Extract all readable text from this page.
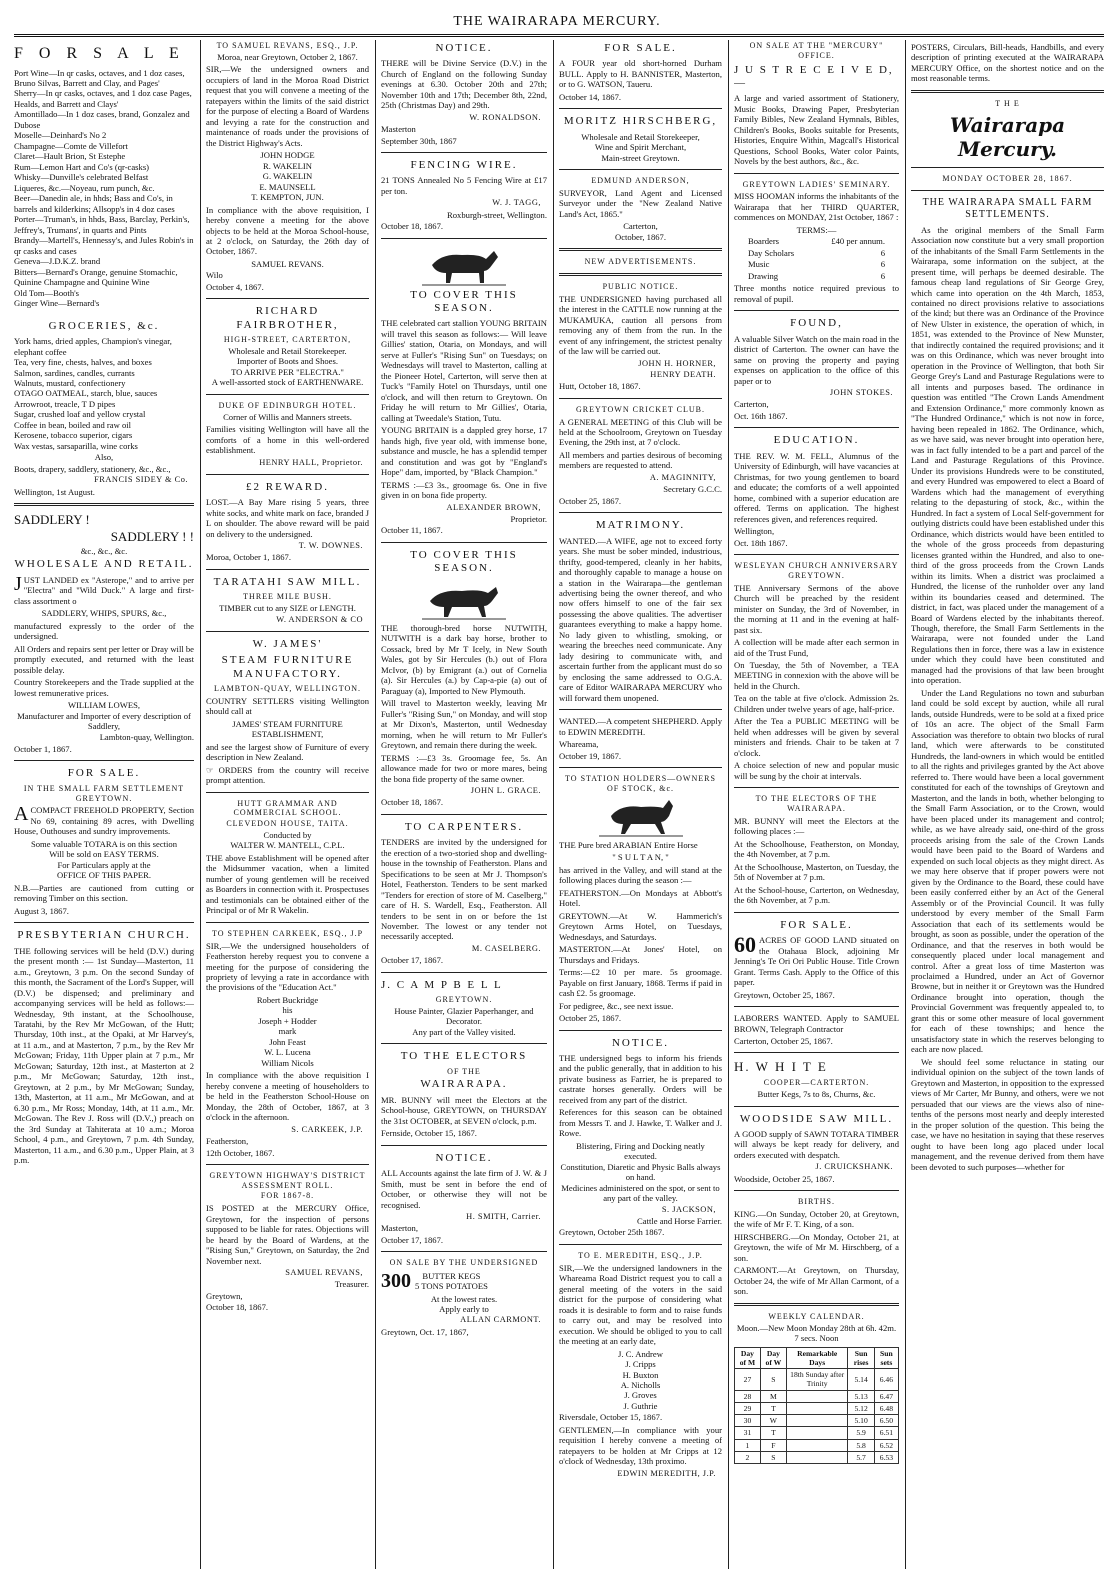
THE WAIRARAPA MERCURY.
F O R S A L E
Port Wine—In qr casks, octaves, and 1 doz cases, Bruno Silvas, Barrett and Clay, and Pages'
Sherry—In qr casks, octaves, and 1 doz case Pages, Healds, and Barrett and Clays'
Amontillado—In 1 doz cases, brand, Gonzalez and Dubose
Moselle—Deinhard's No 2
Champagne—Comte de Villefort
Claret—Hault Brion, St Estephe
Rum—Lemon Hart and Co's (qr-casks)
Whisky—Dunville's celebrated Belfast
Liqueres, &c.—Noyeau, rum punch, &c.
Beer—Danedin ale, in hhds; Bass and Co's, in barrels and kilderkins; Allsopp's in 4 doz cases
Porter—Truman's, in hhds, Bass, Barclay, Perkin's, Jeffrey's, Trumans', in quarts and Pints
Brandy—Martell's, Hennessy's, and Jules Robin's in qr casks and cases
Geneva—J.D.K.Z. brand
Bitters—Bernard's Orange, genuine Stomachic, Quinine Champagne and Quinine Wine
Old Tom—Booth's
Ginger Wine—Bernard's
GROCERIES, &c.
York hams, dried apples, Champion's vinegar, elephant coffee
Tea, very fine, chests, halves, and boxes
Salmon, sardines, candles, currants
Walnuts, mustard, confectionery
OTAGO OATMEAL, starch, blue, sauces
Arrowroot, treacle, T D pipes
Sugar, crushed loaf and yellow crystal
Coffee in bean, boiled and raw oil
Kerosene, tobacco superior, cigars
Wax vestas, sarsaparilla, wine corks
Also,
Boots, drapery, saddlery, stationery, &c., &c.,
FRANCIS SIDEY & Co.
Wellington, 1st August.
SADDLERY !
SADDLERY ! !
&c., &c., &c.
WHOLESALE AND RETAIL.
JUST LANDED ex "Asterope," and to arrive per "Electra" and "Wild Duck." A large and first-class assortment o
SADDLERY, WHIPS, SPURS, &c.,
manufactured expressly to the order of the undersigned.
All Orders and repairs sent per letter or Dray will be promptly executed, and returned with the least possible delay.
Country Storekeepers and the Trade supplied at the lowest remunerative prices.
WILLIAM LOWES,
Manufacturer and Importer of every description of Saddlery,
Lambton-quay, Wellington.
October 1, 1867.
FOR SALE.
IN THE SMALL FARM SETTLEMENT GREYTOWN.
ACOMPACT FREEHOLD PROPERTY, Section No 69, containing 89 acres, with Dwelling House, Outhouses and sundry improvements.
Some valuable TOTARA is on this section
Will be sold on EASY TERMS.
For Particulars apply at the
OFFICE OF THIS PAPER.
N.B.—Parties are cautioned from cutting or removing Timber on this section.
August 3, 1867.
PRESBYTERIAN CHURCH.
THE following services will be held (D.V.) during the present month :— 1st Sunday—Masterton, 11 a.m., Greytown, 3 p.m. On the second Sunday of this month, the Sacrament of the Lord's Supper, will (D.V.) be dispensed; and preliminary and accompanying services will be held as follows:—Wednesday, 9th instant, at the Schoolhouse, Taratahi, by the Rev Mr McGowan, of the Hutt; Thursday, 10th inst., at the Opaki, at Mr Harvey's, at 11 a.m., and at Masterton, 7 p.m., by the Rev Mr McGowan; Friday, 11th Upper plain at 7 p.m., Mr McGowan; Saturday, 12th inst., at Masterton at 2 p.m., Mr McGowan; Saturday, 12th inst., Greytown, at 2 p.m., by Mr McGowan; Sunday, 13th, Masterton, at 11 a.m., Mr McGowan, and at 6.30 p.m., Mr Ross; Monday, 14th, at 11 a.m., Mr. McGowan. The Rev J. Ross will (D.V.,) preach on the 3rd Sunday at Tahiterata at 10 a.m.; Moroa School, 4 p.m., and Greytown, 7 p.m. 4th Sunday, Masterton, 11 a.m., and 6.30 p.m., Upper Plain, at 3 p.m.
TO SAMUEL REVANS, ESQ., J.P.
Moroa, near Greytown, October 2, 1867.
SIR,—We the undersigned owners and occupiers of land in the Moroa Road District request that you will convene a meeting of the ratepayers within the limits of the said district for the purpose of electing a Board of Wardens and levying a rate for the construction and maintenance of roads under the provisions of the District Highway's Acts.
JOHN HODGE
R. WAKELIN
G. WAKELIN
E. MAUNSELL
T. KEMPTON, JUN.
In compliance with the above requisition, I hereby convene a meeting for the above objects to be held at the Moroa School-house, at 2 o'clock, on Saturday, the 26th day of October, 1867.
SAMUEL REVANS.
Wilo
October 4, 1867.
RICHARD FAIRBROTHER,
HIGH-STREET, CARTERTON,
Wholesale and Retail Storekeeper.
Importer of Boots and Shoes.
TO ARRIVE PER "ELECTRA."
A well-assorted stock of EARTHENWARE.
DUKE OF EDINBURGH HOTEL.
Corner of Willis and Manners streets.
Families visiting Wellington will have all the comforts of a home in this well-ordered establishment.
HENRY HALL, Proprietor.
£2 REWARD.
LOST.—A Bay Mare rising 5 years, three white socks, and white mark on face, branded J L on shoulder. The above reward will be paid on delivery to the undersigned.
T. W. DOWNES.
Moroa, October 1, 1867.
TARATAHI SAW MILL.
THREE MILE BUSH.
TIMBER cut to any SIZE or LENGTH.
W. ANDERSON & CO
W. JAMES'
STEAM FURNITURE MANUFACTORY.
LAMBTON-QUAY, WELLINGTON.
COUNTRY SETTLERS visiting Wellington should call at
JAMES' STEAM FURNITURE ESTABLISHMENT,
and see the largest show of Furniture of every description in New Zealand.
☞ ORDERS from the country will receive prompt attention.
HUTT GRAMMAR AND COMMERCIAL SCHOOL.
CLEVEDON HOUSE, TAITA.
Conducted by
WALTER W. MANTELL, C.P.L.
THE above Establishment will be opened after the Midsummer vacation, when a limited number of young gentlemen will be received as Boarders in connection with it. Prospectuses and testimonials can be obtained either of the Principal or of Mr R Wakelin.
TO STEPHEN CARKEEK, ESQ., J.P
SIR,—We the undersigned householders of Featherston hereby request you to convene a meeting for the purpose of considering the propriety of levying a rate in accordance with the provisions of the "Education Act."
Robert Buckridge
his
Joseph + Hodder
mark
John Feast
W. L. Lucena
William Nicols
In compliance with the above requisition I hereby convene a meeting of householders to be held in the Featherston School-House on Monday, the 28th of October, 1867, at 3 o'clock in the afternoon.
S. CARKEEK, J.P.
Featherston,
12th October, 1867.
GREYTOWN HIGHWAY'S DISTRICT ASSESSMENT ROLL.
FOR 1867-8.
IS POSTED at the MERCURY Office, Greytown, for the inspection of persons supposed to be liable for rates. Objections will be heard by the Board of Wardens, at the "Rising Sun," Greytown, on Saturday, the 2nd November next.
SAMUEL REVANS,
Treasurer.
Greytown,
October 18, 1867.
NOTICE.
THERE will be Divine Service (D.V.) in the Church of England on the following Sunday evenings at 6.30. October 20th and 27th; November 10th and 17th; December 8th, 22nd, 25th (Christmas Day) and 29th.
W. RONALDSON.
Masterton
September 30th, 1867
FENCING WIRE.
21 TONS Annealed No 5 Fencing Wire at £17 per ton.
W. J. TAGG,
Roxburgh-street, Wellington.
October 18, 1867.
TO COVER THIS SEASON.
THE celebrated cart stallion YOUNG BRITAIN will travel this season as follows:— Will leave Gillies' station, Otaria, on Mondays, and will serve at Fuller's "Rising Sun" on Tuesdays; on Wednesdays will travel to Masterton, calling at the Pioneer Hotel, Carterton, will serve then at Tuck's "Family Hotel on Thursdays, until one o'clock, and will then return to Greytown. On Friday he will return to Mr Gillies', Otaria, calling at Tweedale's Station, Tutu.
YOUNG BRITAIN is a dappled grey horse, 17 hands high, five year old, with immense bone, substance and muscle, he has a splendid temper and constitution and was got by "England's Hope" dam, imported, by "Black Champion."
TERMS :—£3 3s., groomage 6s. One in five given in on bona fide property.
ALEXANDER BROWN,
Proprietor.
October 11, 1867.
TO COVER THIS SEASON.
THE thorough-bred horse NUTWITH, NUTWITH is a dark bay horse, brother to Cossack, bred by Mr T Icely, in New South Wales, got by Sir Hercules (b.) out of Flora McIvor, (b) by Emigrant (a.) out of Cornelia (a). Sir Hercules (a.) by Cap-a-pie (a) out of Paraguay (a), Imported to New Plymouth.
Will travel to Masterton weekly, leaving Mr Fuller's "Rising Sun," on Monday, and will stop at Mr Dixon's, Masterton, until Wednesday morning, when he will return to Mr Fuller's Greytown, and remain there during the week.
TERMS :—£3 3s. Groomage fee, 5s. An allowance made for two or more mares, being the bona fide property of the same owner.
JOHN L. GRACE.
October 18, 1867.
TO CARPENTERS.
TENDERS are invited by the undersigned for the erection of a two-storied shop and dwelling-house in the township of Featherston. Plans and Specifications to be seen at Mr J. Thompson's Hotel, Featherston. Tenders to be sent marked "Tenders for erection of store of M. Caselberg," care of H. S. Wardell, Esq., Featherston. All tenders to be sent in on or before the 1st November. The lowest or any tender not necessarily accepted.
M. CASELBERG.
October 17, 1867.
J. C A M P B E L L
GREYTOWN.
House Painter, Glazier Paperhanger, and Decorator.
Any part of the Valley visited.
TO THE ELECTORS
OF THE
WAIRARAPA.
MR. BUNNY will meet the Electors at the School-house, GREYTOWN, on THURSDAY the 31st OCTOBER, at SEVEN o'clock, p.m.
Fernside, October 15, 1867.
NOTICE.
ALL Accounts against the late firm of J. W. & J Smith, must be sent in before the end of October, or otherwise they will not be recognised.
H. SMITH, Carrier.
Masterton,
October 17, 1867.
ON SALE BY THE UNDERSIGNED
300	BUTTER KEGS
5 TONS POTATOES
At the lowest rates.
Apply early to
ALLAN CARMONT.
Greytown, Oct. 17, 1867,
FOR SALE.
A FOUR year old short-horned Durham BULL. Apply to H. BANNISTER, Masterton, or to G. WATSON, Taueru.
October 14, 1867.
MORITZ HIRSCHBERG,
Wholesale and Retail Storekeeper,
Wine and Spirit Merchant,
Main-street Greytown.
EDMUND ANDERSON,
SURVEYOR, Land Agent and Licensed Surveyor under the "New Zealand Native Land's Act, 1865."
Carterton,
October, 1867.
NEW ADVERTISEMENTS.
PUBLIC NOTICE.
THE UNDERSIGNED having purchased all the interest in the CATTLE now running at the MUKAMUKA, caution all persons from removing any of them from the run. In the event of any infringement, the strictest penalty of the law will be carried out.
JOHN H. HORNER,
HENRY DEATH.
Hutt, October 18, 1867.
GREYTOWN CRICKET CLUB.
A GENERAL MEETING of this Club will be held at the Schoolroom, Greytown on Tuesday Evening, the 29th inst, at 7 o'clock.
All members and parties desirous of becoming members are requested to attend.
A. MAGINNITY,
Secretary G.C.C.
October 25, 1867.
MATRIMONY.
WANTED.—A WIFE, age not to exceed forty years. She must be sober minded, industrious, thrifty, good-tempered, cleanly in her habits, and thoroughly capable to manage a house on a station in the Wairarapa—the gentleman advertising being the owner thereof, and who now offers himself to one of the fair sex possessing the above qualities. The advertiser guarantees everything to make a happy home. No lady given to whistling, smoking, or wearing the breeches need communicate. Any lady desiring to communicate with, and ascertain further from the applicant must do so by enclosing the same addressed to O.G.A. care of Editor WAIRARAPA MERCURY who will forward them unopened.
WANTED.—A competent SHEPHERD. Apply to EDWIN MEREDITH.
Whareama,
October 19, 1867.
TO STATION HOLDERS—OWNERS OF STOCK, &c.
THE Pure bred ARABIAN Entire Horse
" S U L T A N, "
has arrived in the Valley, and will stand at the following places during the season :—
FEATHERSTON.—On Mondays at Abbott's Hotel.
GREYTOWN.—At W. Hammerich's Greytown Arms Hotel, on Tuesdays, Wednesdays, and Saturdays.
MASTERTON.—At Jones' Hotel, on Thursdays and Fridays.
Terms:—£2 10 per mare. 5s groomage. Payable on first January, 1868. Terms if paid in cash £2. 5s groomage.
For pedigree, &c., see next issue.
October 25, 1867.
NOTICE.
THE undersigned begs to inform his friends and the public generally, that in addition to his private business as Farrier, he is prepared to castrate horses generally. Orders will be received from any part of the district.
References for this season can be obtained from Messrs T. and J. Hawke, T. Walker and J. Rowe.
Blistering, Firing and Docking neatly executed.
Constitution, Diaretic and Physic Balls always on hand.
Medicines administered on the spot, or sent to any part of the valley.
S. JACKSON,
Cattle and Horse Farrier.
Greytown, October 25th 1867.
TO E. MEREDITH, ESQ., J.P.
SIR,—We the undersigned landowners in the Whareama Road District request you to call a general meeting of the voters in the said district for the purpose of considering what roads it is desirable to form and to raise funds to carry out, and may be resolved into execution. We should be obliged to you to call the meeting at an early date,
J. C. Andrew
J. Cripps
H. Buxton
A. Nicholls
J. Groves
J. Guthrie
Riversdale, October 15, 1867.
GENTLEMEN,—In compliance with your requisition I hereby convene a meeting of ratepayers to be holden at Mr Cripps at 12 o'clock of Wednesday, 13th proximo.
EDWIN MEREDITH, J.P.
ON SALE AT THE "MERCURY" OFFICE.
J U S T R E C E I V E D,—
A large and varied assortment of Stationery, Music Books, Drawing Paper, Presbyterian Family Bibles, New Zealand Hymnals, Bibles, Children's Books, Books suitable for Presents, Histories, Enquire Within, Magcall's Historical Questions, School Books, Water color Paints, Novels by the best authors, &c., &c.
GREYTOWN LADIES' SEMINARY.
MISS HOOMAN informs the inhabitants of the Wairarapa that her THIRD QUARTER, commences on MONDAY, 21st October, 1867 :
TERMS:—
Boarders	£40 per annum.
Day Scholars	6
Music	6
Drawing	6
Three months notice required previous to removal of pupil.
FOUND,
A valuable Silver Watch on the main road in the district of Carterton. The owner can have the same on proving the property and paying expenses on application to the office of this paper or to
JOHN STOKES.
Carterton,
Oct. 16th 1867.
EDUCATION.
THE REV. W. M. FELL, Alumnus of the University of Edinburgh, will have vacancies at Christmas, for two young gentlemen to board and educate; the comforts of a well appointed home, combined with a superior education are offered. Terms on application. The highest references given, and references required.
Wellington,
Oct. 18th 1867.
WESLEYAN CHURCH ANNIVERSARY GREYTOWN.
THE Anniversary Sermons of the above Church will be preached by the resident minister on Sunday, the 3rd of November, in the morning at 11 and in the evening at half-past six.
A collection will be made after each sermon in aid of the Trust Fund,
On Tuesday, the 5th of November, a TEA MEETING in connexion with the above will be held in the Church.
Tea on the table at five o'clock. Admission 2s. Children under twelve years of age, half-price.
After the Tea a PUBLIC MEETING will be held when addresses will be given by several ministers and friends. Chair to be taken at 7 o'clock.
A choice selection of new and popular music will be sung by the choir at intervals.
TO THE ELECTORS OF THE WAIRARAPA.
MR. BUNNY will meet the Electors at the following places :—
At the Schoolhouse, Featherston, on Monday, the 4th November, at 7 p.m.
At the Schoolhouse, Masterton, on Tuesday, the 5th of November at 7 p.m.
At the School-house, Carterton, on Wednesday, the 6th November, at 7 p.m.
FOR SALE.
60 ACRES OF GOOD LAND situated on the Otahaua Block, adjoining Mr Jenning's Te Ori Ori Public House. Title Crown Grant. Terms Cash. Apply to the Office of this paper.
Greytown, October 25, 1867.
LABORERS WANTED. Apply to SAMUEL BROWN, Telegraph Contractor
Carterton, October 25, 1867.
H. W H I T E
COOPER—CARTERTON.
Butter Kegs, 7s to 8s, Churns, &c.
WOODSIDE SAW MILL.
A GOOD supply of SAWN TOTARA TIMBER will always be kept ready for delivery, and orders executed with despatch.
J. CRUICKSHANK.
Woodside, October 25, 1867.
BIRTHS.
KING.—On Sunday, October 20, at Greytown, the wife of Mr F. T. King, of a son.
HIRSCHBERG.—On Monday, October 21, at Greytown, the wife of Mr M. Hirschberg, of a son.
CARMONT.—At Greytown, on Thursday, October 24, the wife of Mr Allan Carmont, of a son.
WEEKLY CALENDAR.
Moon.—New Moon Monday 28th at 6h. 42m. 7 secs. Noon
Day of M	Day of W	Remarkable Days	Sun rises	Sun sets
27	S	18th Sunday after Trinity	5.14	6.46
28	M		5.13	6.47
29	T		5.12	6.48
30	W		5.10	6.50
31	T		5.9	6.51
1	F		5.8	6.52
2	S		5.7	6.53
POSTERS, Circulars, Bill-heads, Handbills, and every description of printing executed at the WAIRARAPA MERCURY Office, on the shortest notice and on the most reasonable terms.
T H E
Wairarapa Mercury.
MONDAY OCTOBER 28, 1867.
THE WAIRARAPA SMALL FARM SETTLEMENTS.
As the original members of the Small Farm Association now constitute but a very small proportion of the inhabitants of the Small Farm Settlements in the Wairarapa, some information on the subject, at the present time, will perhaps be deemed desirable. The famous cheap land regulations of Sir George Grey, which came into operation on the 4th March, 1853, contained no direct provisions relative to associations of the kind; but there was an Ordinance of the Province of New Ulster in existence, the operation of which, in 1851, was extended to the Province of New Munster, that indirectly contained the required provisions; and it was on this Ordinance, which was never brought into operation in the Province of Wellington, that both Sir George Grey's Land and Pasturage Regulations were to all intents and purposes based. The ordinance in question was entitled "The Crown Lands Amendment and Extension Ordinance," more commonly known as "The Hundred Ordinance," which is not now in force, having been repealed in 1862. The Ordinance, which, as we have said, was never brought into operation here, was in fact fully intended to be a part and parcel of the Land and Pasturage Regulations of this Province. Under its provisions Hundreds were to be constituted, and every Hundred was empowered to elect a Board of Wardens which had the management of everything relating to the depasturing of stock, &c., within the Hundred. In fact a system of Local Self-government for outlying districts could have been established under this Ordinance, which districts would have been entitled to the whole of the gross proceeds from depasturing licenses granted within the Hundred, and also to one-third of the gross proceeds from the Crown Lands within its limits. When a district was proclaimed a Hundred, the license of the runholder over any land within its boundaries ceased and determined. The district, in fact, was placed under the management of a Board of Wardens elected by the inhabitants thereof. Though, therefore, the Small Farm Settlements in the Wairarapa, were not founded under the Land Regulations then in force, there was a law in existence under which they could have been constituted and managed had the provisions of that law been brought into operation.
Under the Land Regulations no town and suburban land could be sold except by auction, while all rural lands, outside Hundreds, were to be sold at a fixed price of 10s an acre. The object of the Small Farm Association was therefore to obtain two blocks of rural land, which were afterwards to be constituted Hundreds, the land-owners in which would be entitled to all the rights and privileges granted by the Act above referred to. There would have been a local government constituted for each of the townships of Greytown and Masterton, and the lands in both, whether belonging to the Small Farm Association, or to the Crown, would have been placed under its management and control; while, as we have already said, one-third of the gross proceeds arising from the sale of the Crown Lands would have been paid to the Board of Wardens and expended on such local objects as they might direct. As we may here observe that if proper powers were not given by the Ordinance to the Board, these could have been easily conferred either by an Act of the General Assembly or of the Provincial Council. It was fully understood by every member of the Small Farm Association that each of its settlements would be brought, as soon as possible, under the operation of the Ordinance, and that the reserves in both would be consequently placed under local management and control. After a great loss of time Masterton was proclaimed a Hundred, under an Act of Governor Browne, but in neither it or Greytown was the Hundred Ordinance brought into operation, though the Provincial Government was frequently appealed to, to grant this or some other measure of local government for each of these townships; and hence the unsatisfactory state in which the reserves belonging to each are now placed.
We should feel some reluctance in stating our individual opinion on the subject of the town lands of Greytown and Masterton, in opposition to the expressed views of Mr Carter, Mr Bunny, and others, were we not persuaded that our views are the views also of nine-tenths of the persons most nearly and deeply interested in the proper solution of the question. This being the case, we have no hesitation in saying that these reserves ought to have been long ago placed under local management, and the revenue derived from them have been devoted to such purposes—whether for
